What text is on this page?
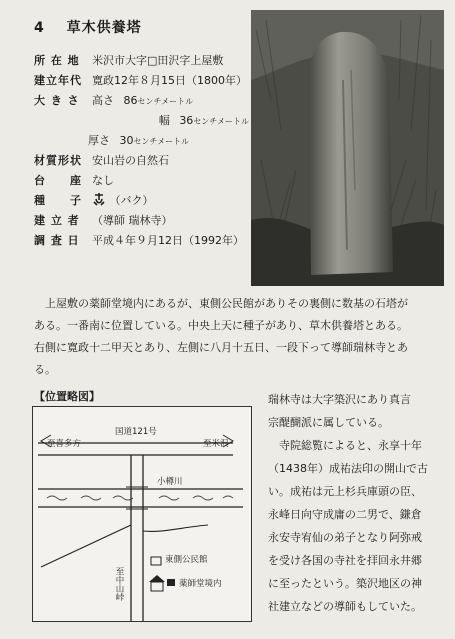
4 草木供養塔
所 在 地	米沢市大字□田沢字上屋敷
建立年代 寛政12年８月15日（1800年）
大 き さ	高さ 86センチメートル
幅 36センチメートル
厚さ 30センチメートル
材質形状 安山岩の自然石
台　　座 なし
種　　子	（バク）
建 立 者	（導師 瑞林寺）
調 査 日	平成４年９月12日（1992年）

　上屋敷の薬師堂境内にあるが、東側公民館がありその裏側に数基の石塔が

ある。一番南に位置している。中央上天に種子があり、草木供養塔とある。

右側に寛政十二甲天とあり、左側に八月十五日、一段下って導師瑞林寺とあ

る。

【位置略図】
国道121号
至喜多方	至米沢
小樽川
至中山峠
東側公民館
薬師堂境内

瑞林寺は大字築沢にあり真言

宗醍醐派に属している。

　寺院総覧によると、永享十年

（1438年）成祐法印の開山で古

い。成祐は元上杉兵庫頭の臣、

永峰日向守成庸の二男で、鎌倉

永安寺宥仙の弟子となり阿弥戒

を受け各国の寺社を拝回永井郷

に至ったという。築沢地区の神

社建立などの導師もしていた。
